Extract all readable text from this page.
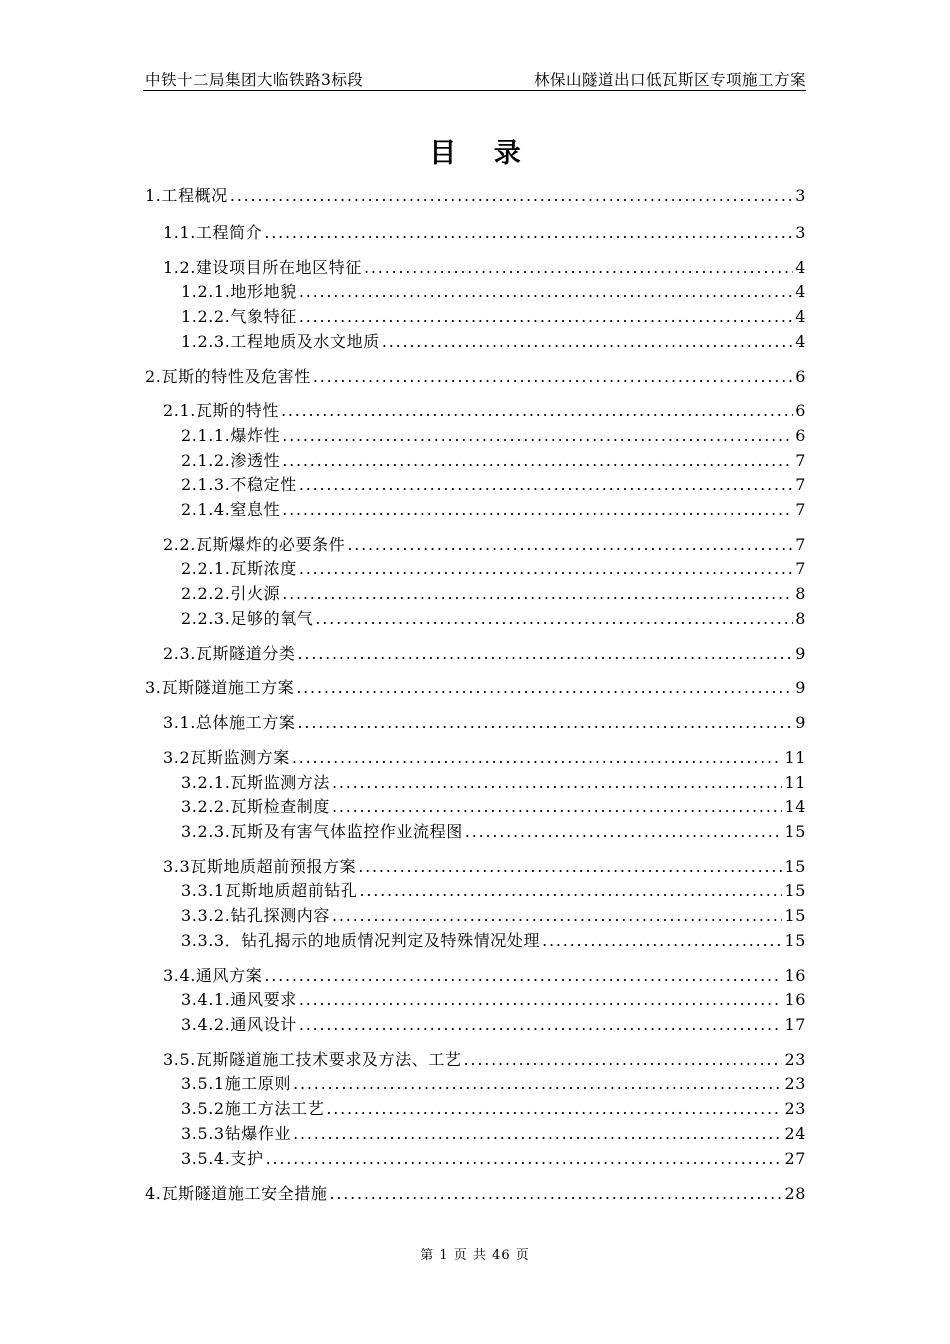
中铁十二局集团大临铁路3标段	林保山隧道出口低瓦斯区专项施工方案
目 录
1.工程概况 .....	3
1.1.工程简介 .....	3
1.2.建设项目所在地区特征 .....	4
1.2.1.地形地貌 .....	4
1.2.2.气象特征 .....	4
1.2.3.工程地质及水文地质 .....	4
2.瓦斯的特性及危害性 .....	6
2.1.瓦斯的特性 .....	6
2.1.1.爆炸性 .....	6
2.1.2.渗透性 .....	7
2.1.3.不稳定性 .....	7
2.1.4.窒息性 .....	7
2.2.瓦斯爆炸的必要条件 .....	7
2.2.1.瓦斯浓度 .....	7
2.2.2.引火源 .....	8
2.2.3.足够的氧气 .....	8
2.3.瓦斯隧道分类 .....	9
3.瓦斯隧道施工方案 .....	9
3.1.总体施工方案 .....	9
3.2瓦斯监测方案 .....	11
3.2.1.瓦斯监测方法 .....	11
3.2.2.瓦斯检查制度 .....	14
3.2.3.瓦斯及有害气体监控作业流程图 .....	15
3.3瓦斯地质超前预报方案 .....	15
3.3.1瓦斯地质超前钻孔 .....	15
3.3.2.钻孔探测内容 .....	15
3.3.3．钻孔揭示的地质情况判定及特殊情况处理 .....	15
3.4.通风方案 .....	16
3.4.1.通风要求 .....	16
3.4.2.通风设计 .....	17
3.5.瓦斯隧道施工技术要求及方法、工艺 .....	23
3.5.1施工原则 .....	23
3.5.2施工方法工艺 .....	23
3.5.3钻爆作业 .....	24
3.5.4.支护 .....	27
4.瓦斯隧道施工安全措施 .....	28
第 1 页 共 46 页
